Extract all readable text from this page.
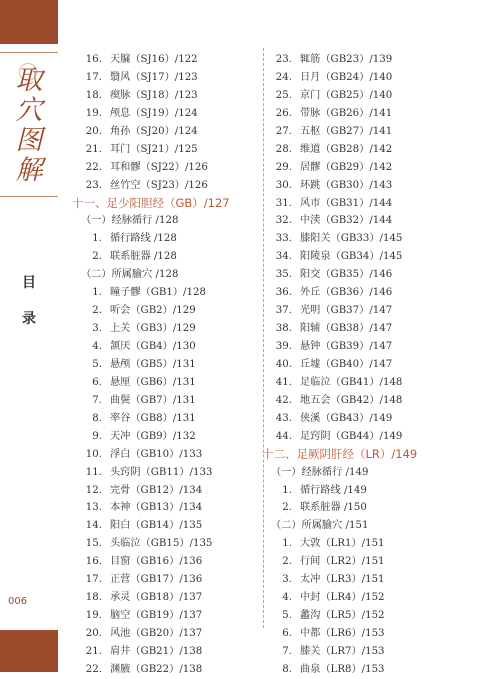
取
穴
图
解
目
录
006
16. 天牖（SJ16）/122
17. 翳风（SJ17）/123
18. 瘈脉（SJ18）/123
19. 颅息（SJ19）/124
20. 角孙（SJ20）/124
21. 耳门（SJ21）/125
22. 耳和髎（SJ22）/126
23. 丝竹空（SJ23）/126
十一、足少阳胆经（GB）/127
（一）经脉循行 /128
1. 循行路线 /128
2. 联系脏器 /128
（二）所属腧穴 /128
1. 瞳子髎（GB1）/128
2. 听会（GB2）/129
3. 上关（GB3）/129
4. 颔厌（GB4）/130
5. 悬颅（GB5）/131
6. 悬厘（GB6）/131
7. 曲鬓（GB7）/131
8. 率谷（GB8）/131
9. 天冲（GB9）/132
10. 浮白（GB10）/133
11. 头窍阴（GB11）/133
12. 完骨（GB12）/134
13. 本神（GB13）/134
14. 阳白（GB14）/135
15. 头临泣（GB15）/135
16. 目窗（GB16）/136
17. 正营（GB17）/136
18. 承灵（GB18）/137
19. 脑空（GB19）/137
20. 风池（GB20）/137
21. 肩井（GB21）/138
22. 渊腋（GB22）/138
23. 辄筋（GB23）/139
24. 日月（GB24）/140
25. 京门（GB25）/140
26. 带脉（GB26）/141
27. 五枢（GB27）/141
28. 维道（GB28）/142
29. 居髎（GB29）/142
30. 环跳（GB30）/143
31. 风市（GB31）/144
32. 中渎（GB32）/144
33. 膝阳关（GB33）/145
34. 阳陵泉（GB34）/145
35. 阳交（GB35）/146
36. 外丘（GB36）/146
37. 光明（GB37）/147
38. 阳辅（GB38）/147
39. 悬钟（GB39）/147
40. 丘墟（GB40）/147
41. 足临泣（GB41）/148
42. 地五会（GB42）/148
43. 侠溪（GB43）/149
44. 足窍阴（GB44）/149
十二、足厥阴肝经（LR）/149
（一）经脉循行 /149
1. 循行路线 /149
2. 联系脏器 /150
（二）所属腧穴 /151
1. 大敦（LR1）/151
2. 行间（LR2）/151
3. 太冲（LR3）/151
4. 中封（LR4）/152
5. 蠡沟（LR5）/152
6. 中都（LR6）/153
7. 膝关（LR7）/153
8. 曲泉（LR8）/153
